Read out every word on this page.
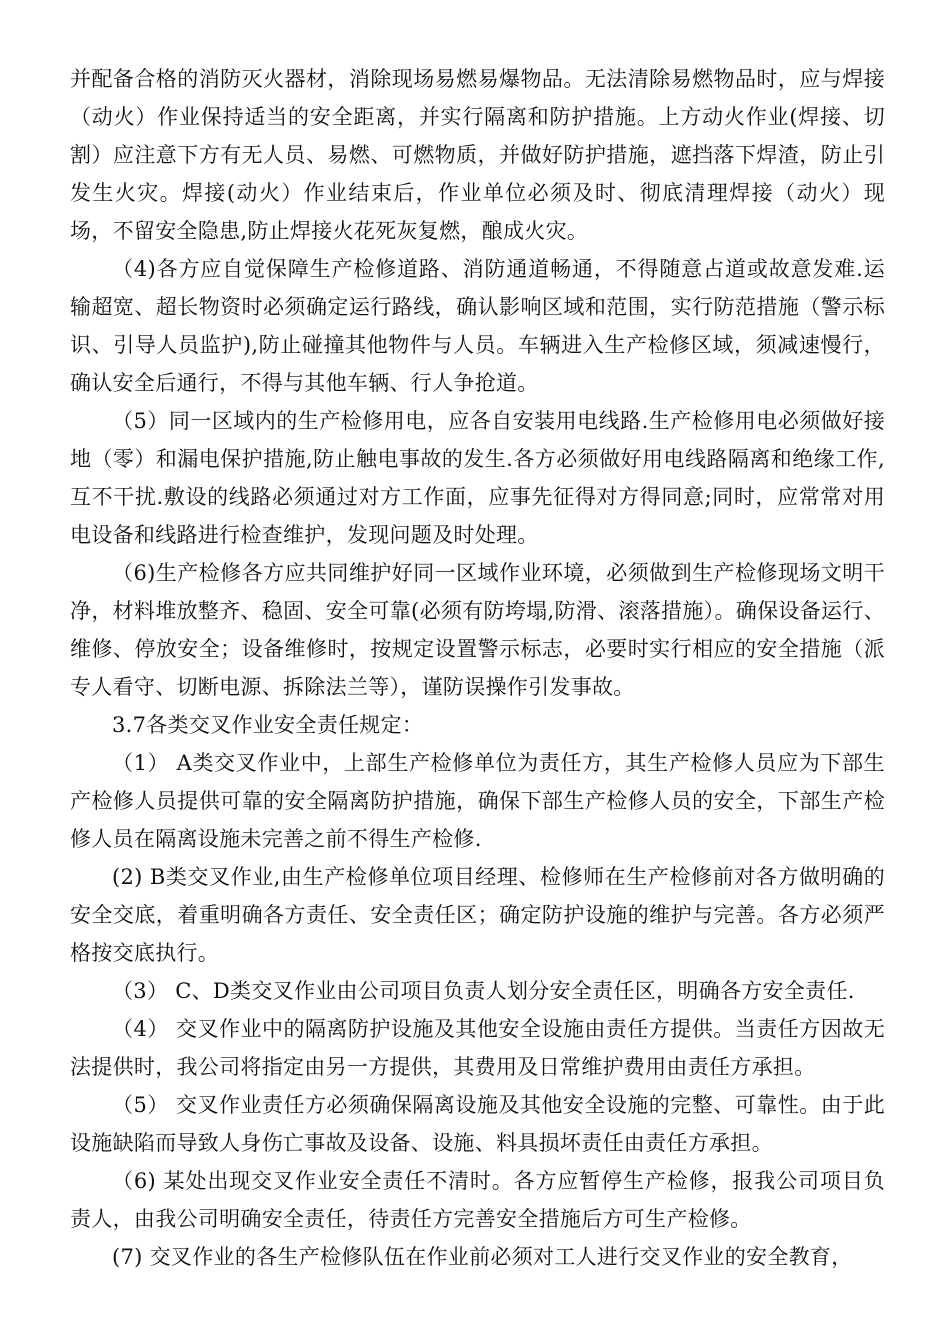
并配备合格的消防灭火器材，消除现场易燃易爆物品。无法清除易燃物品时，应与焊接（动火）作业保持适当的安全距离，并实行隔离和防护措施。上方动火作业(焊接、切割）应注意下方有无人员、易燃、可燃物质，并做好防护措施，遮挡落下焊渣，防止引发生火灾。焊接(动火）作业结束后，作业单位必须及时、彻底清理焊接（动火）现场，不留安全隐患,防止焊接火花死灰复燃，酿成火灾。

（4)各方应自觉保障生产检修道路、消防通道畅通，不得随意占道或故意发难.运输超宽、超长物资时必须确定运行路线，确认影响区域和范围，实行防范措施（警示标识、引导人员监护),防止碰撞其他物件与人员。车辆进入生产检修区域，须减速慢行，确认安全后通行，不得与其他车辆、行人争抢道。

（5）同一区域内的生产检修用电，应各自安装用电线路.生产检修用电必须做好接地（零）和漏电保护措施,防止触电事故的发生.各方必须做好用电线路隔离和绝缘工作,互不干扰.敷设的线路必须通过对方工作面，应事先征得对方得同意;同时，应常常对用电设备和线路进行检查维护，发现问题及时处理。

（6)生产检修各方应共同维护好同一区域作业环境，必须做到生产检修现场文明干净，材料堆放整齐、稳固、安全可靠(必须有防垮塌,防滑、滚落措施）。确保设备运行、维修、停放安全；设备维修时，按规定设置警示标志，必要时实行相应的安全措施（派专人看守、切断电源、拆除法兰等），谨防误操作引发事故。

3.7各类交叉作业安全责任规定：

（1） A类交叉作业中，上部生产检修单位为责任方，其生产检修人员应为下部生产检修人员提供可靠的安全隔离防护措施，确保下部生产检修人员的安全，下部生产检修人员在隔离设施未完善之前不得生产检修.

(2) B类交叉作业,由生产检修单位项目经理、检修师在生产检修前对各方做明确的安全交底，着重明确各方责任、安全责任区；确定防护设施的维护与完善。各方必须严格按交底执行。

（3） C、D类交叉作业由公司项目负责人划分安全责任区，明确各方安全责任.

（4） 交叉作业中的隔离防护设施及其他安全设施由责任方提供。当责任方因故无法提供时，我公司将指定由另一方提供，其费用及日常维护费用由责任方承担。

（5） 交叉作业责任方必须确保隔离设施及其他安全设施的完整、可靠性。由于此设施缺陷而导致人身伤亡事故及设备、设施、料具损坏责任由责任方承担。

（6) 某处出现交叉作业安全责任不清时。各方应暂停生产检修，报我公司项目负责人，由我公司明确安全责任，待责任方完善安全措施后方可生产检修。

(7) 交叉作业的各生产检修队伍在作业前必须对工人进行交叉作业的安全教育，
